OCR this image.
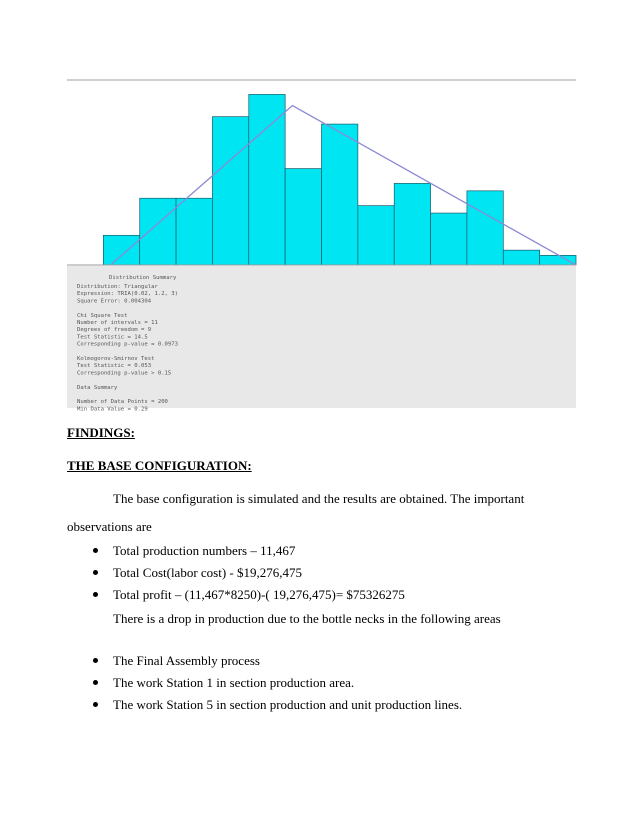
Distribution Summary
Distribution: Triangular
Expression: TRIA(0.02, 1.2, 3)
Square Error: 0.004304
Chi Square Test
Number of intervals = 11
Degrees of freedom = 9
Test Statistic = 14.5
Corresponding p-value = 0.0973
Kolmogorov-Smirnov Test
Test Statistic = 0.053
Corresponding p-value > 0.15
Data Summary
Number of Data Points = 200
Min Data Value = 0.29

FINDINGS:

THE BASE CONFIGURATION:

The base configuration is simulated and the results are obtained. The important observations are

Total production numbers – 11,467
Total Cost(labor cost) - $19,276,475
Total profit – (11,467*8250)-( 19,276,475)= $75326275

There is a drop in production due to the bottle necks in the following areas

The Final Assembly process
The work Station 1 in section production area.
The work Station 5 in section production and unit production lines.
